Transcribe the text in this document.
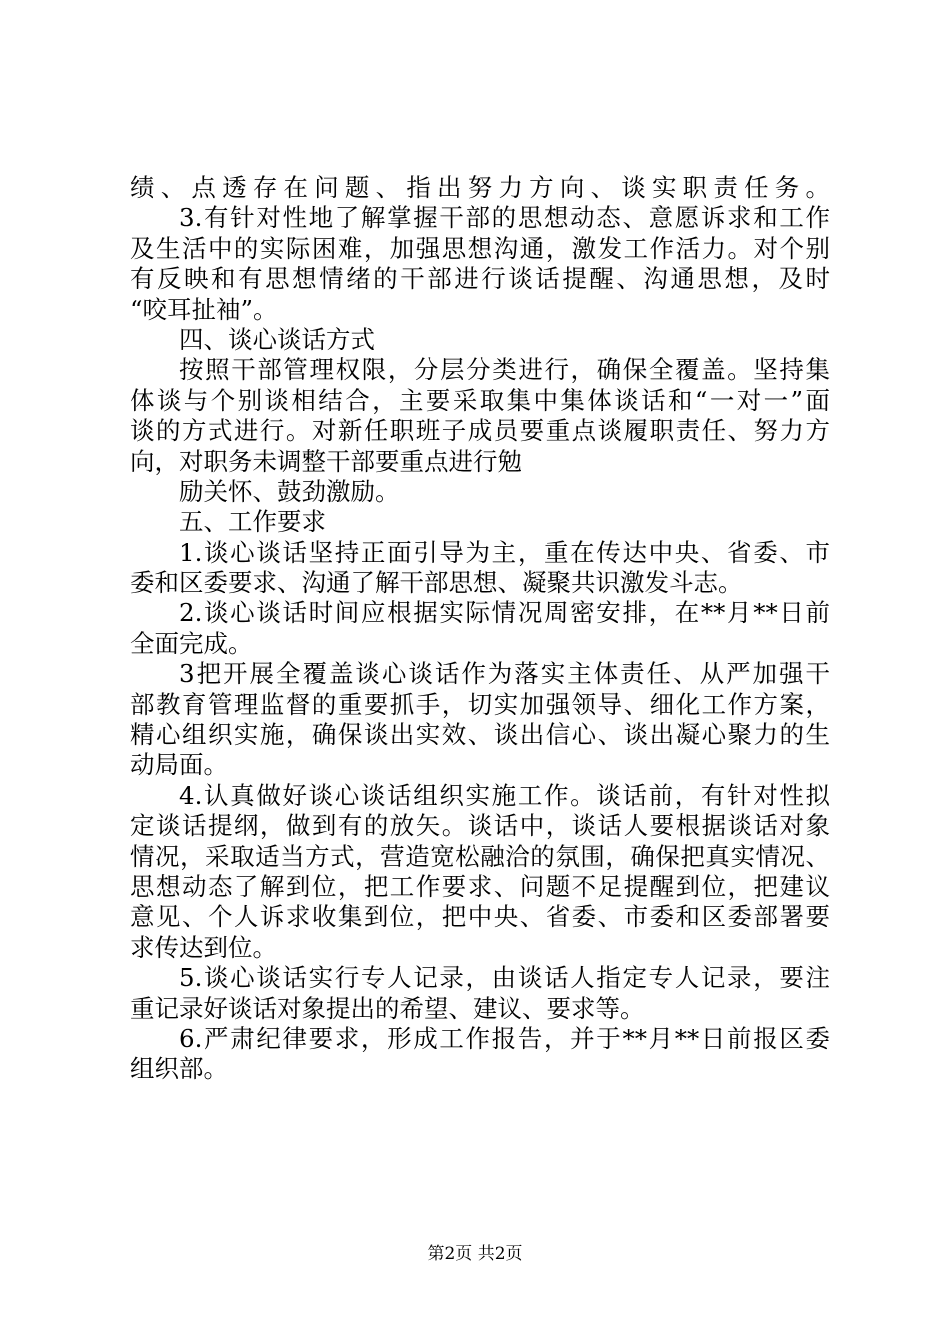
绩、点透存在问题、指出努力方向、谈实职责任务。
3.有针对性地了解掌握干部的思想动态、意愿诉求和工作
及生活中的实际困难，加强思想沟通，激发工作活力。对个别
有反映和有思想情绪的干部进行谈话提醒、沟通思想，及时
“咬耳扯袖”。
四、谈心谈话方式
按照干部管理权限，分层分类进行，确保全覆盖。坚持集
体谈与个别谈相结合，主要采取集中集体谈话和“一对一”面
谈的方式进行。对新任职班子成员要重点谈履职责任、努力方
向，对职务未调整干部要重点进行勉
励关怀、鼓劲激励。
五、工作要求
1.谈心谈话坚持正面引导为主，重在传达中央、省委、市
委和区委要求、沟通了解干部思想、凝聚共识激发斗志。
2.谈心谈话时间应根据实际情况周密安排，在**月**日前
全面完成。
3把开展全覆盖谈心谈话作为落实主体责任、从严加强干
部教育管理监督的重要抓手，切实加强领导、细化工作方案，
精心组织实施，确保谈出实效、谈出信心、谈出凝心聚力的生
动局面。
4.认真做好谈心谈话组织实施工作。谈话前，有针对性拟
定谈话提纲，做到有的放矢。谈话中，谈话人要根据谈话对象
情况，采取适当方式，营造宽松融洽的氛围，确保把真实情况、
思想动态了解到位，把工作要求、问题不足提醒到位，把建议
意见、个人诉求收集到位，把中央、省委、市委和区委部署要
求传达到位。
5.谈心谈话实行专人记录，由谈话人指定专人记录，要注
重记录好谈话对象提出的希望、建议、要求等。
6.严肃纪律要求，形成工作报告，并于**月**日前报区委
组织部。
第2页 共2页
